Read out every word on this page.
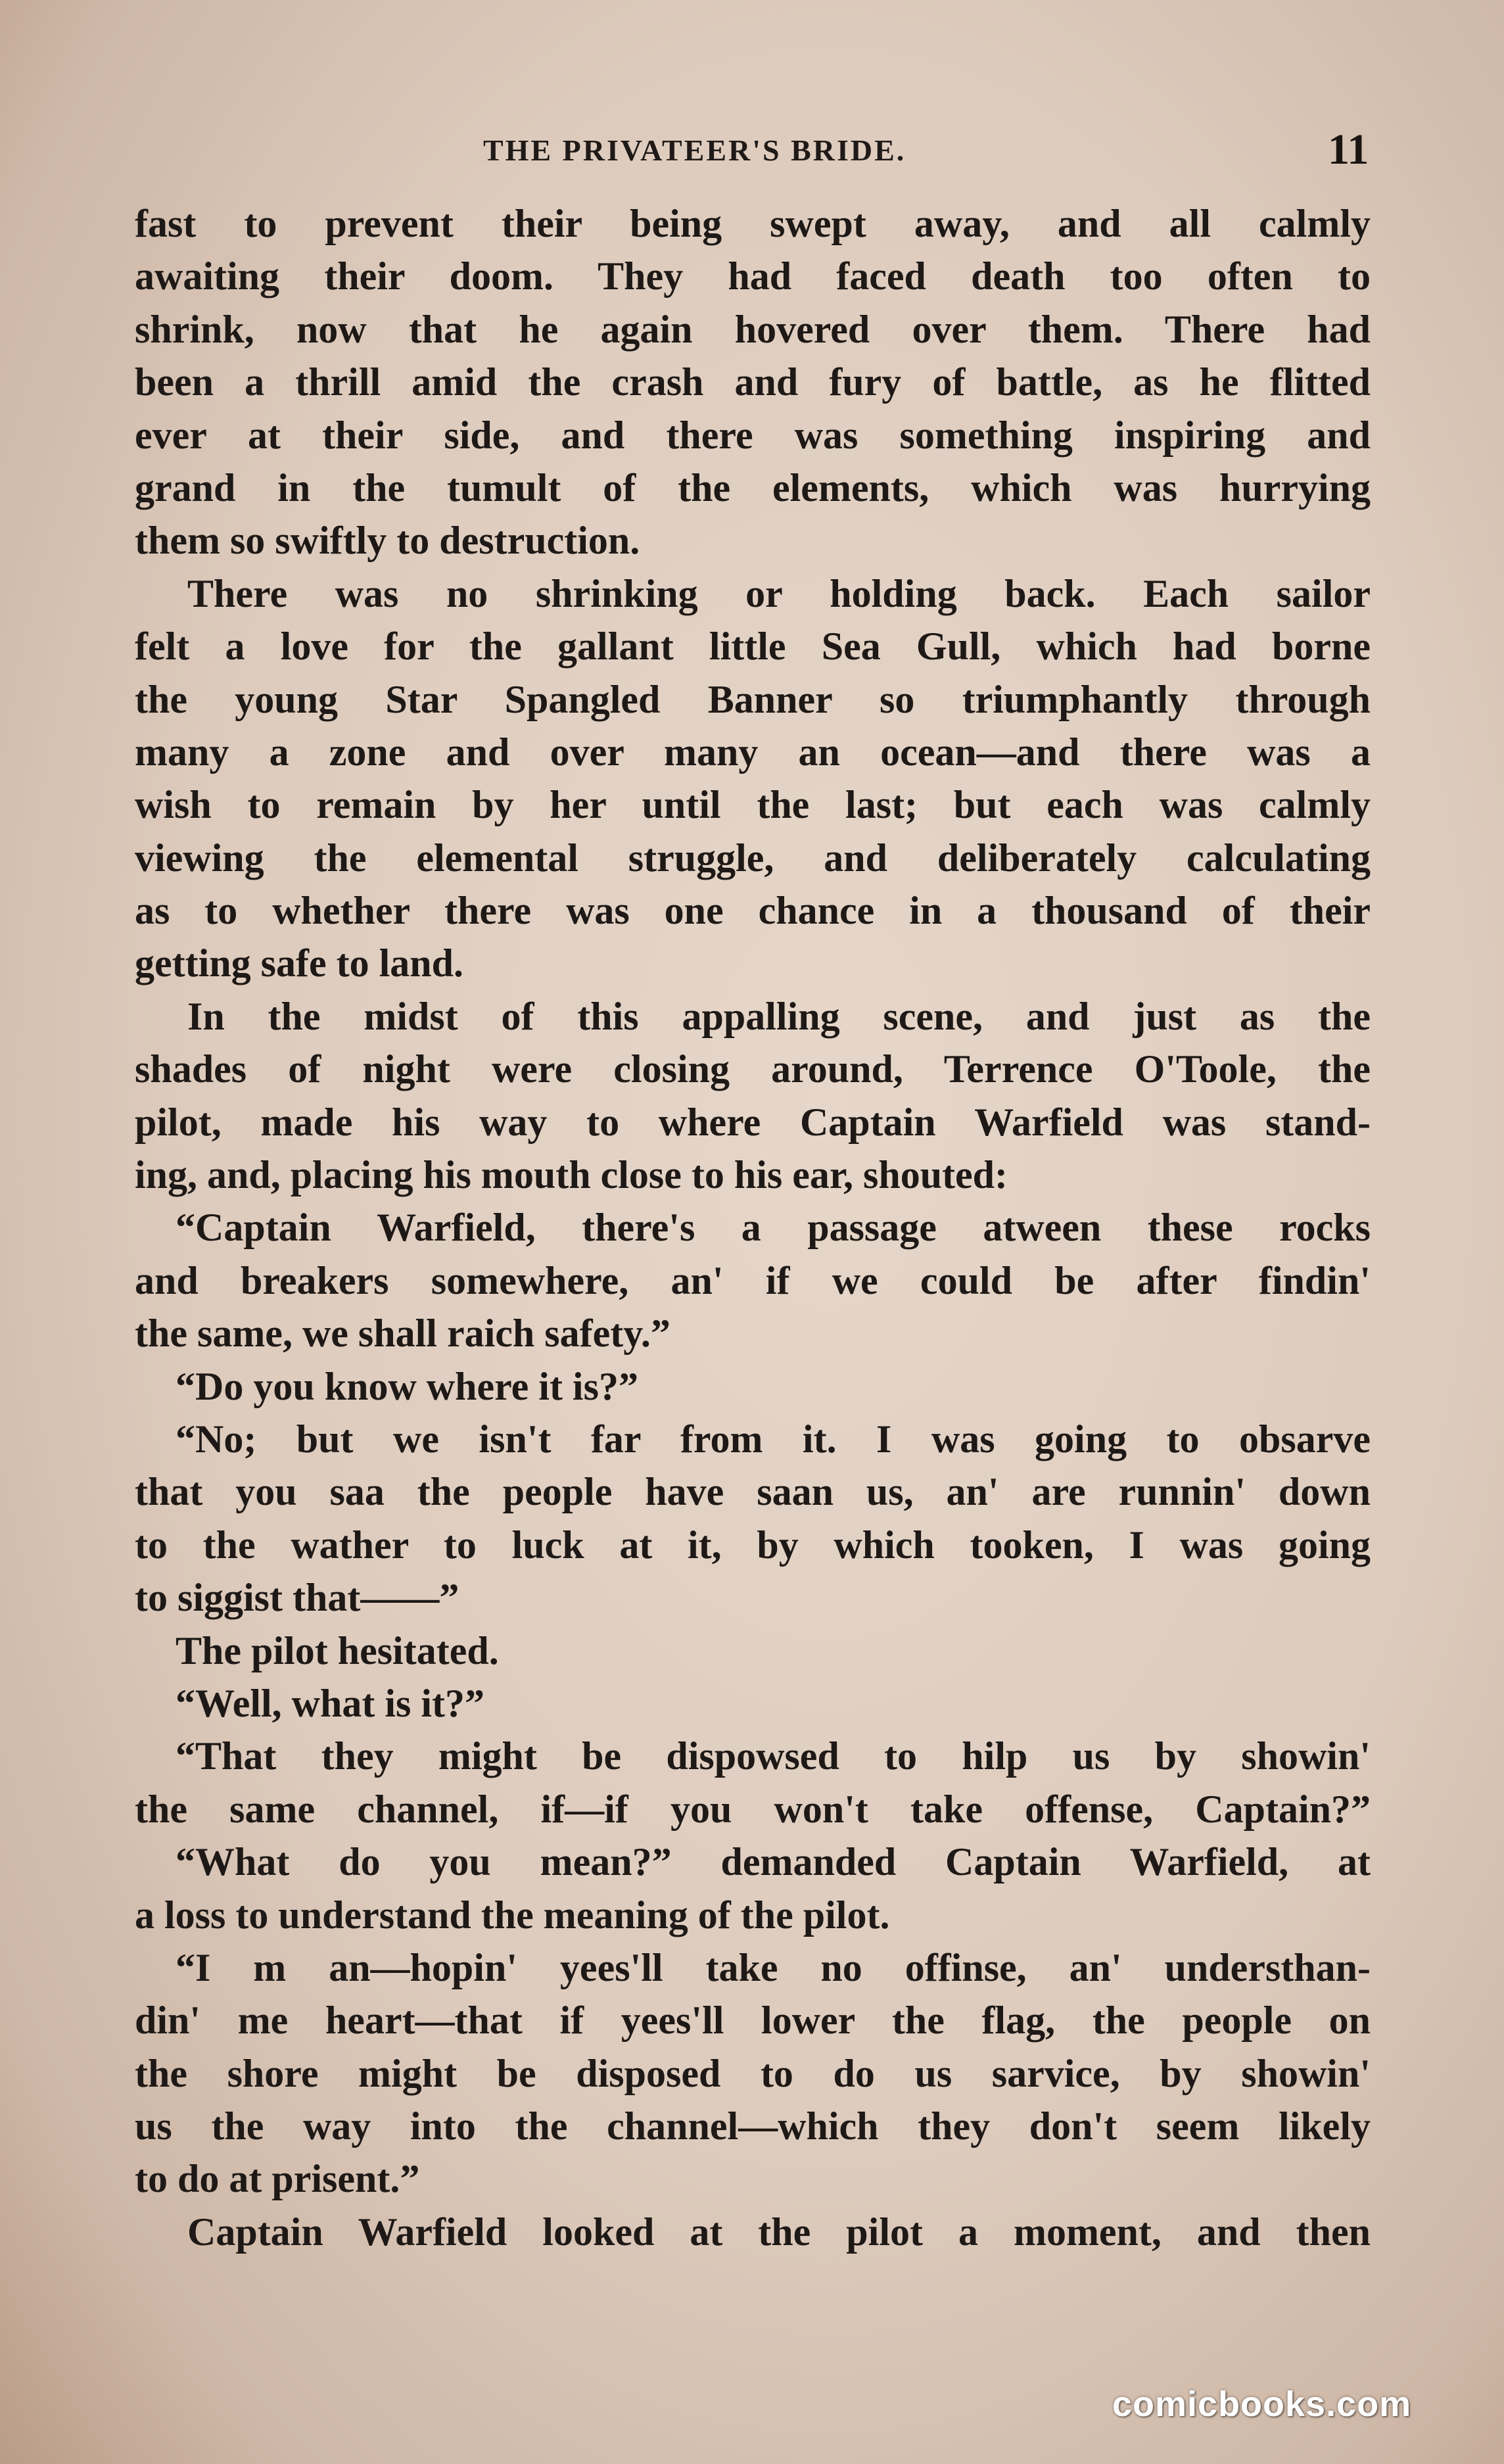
THE PRIVATEER'S BRIDE.	11
fast to prevent their being swept away, and all calmly
awaiting their doom. They had faced death too often to
shrink, now that he again hovered over them. There had
been a thrill amid the crash and fury of battle, as he flitted
ever at their side, and there was something inspiring and
grand in the tumult of the elements, which was hurrying
them so swiftly to destruction.
There was no shrinking or holding back. Each sailor
felt a love for the gallant little Sea Gull, which had borne
the young Star Spangled Banner so triumphantly through
many a zone and over many an ocean—and there was a
wish to remain by her until the last; but each was calmly
viewing the elemental struggle, and deliberately calculating
as to whether there was one chance in a thousand of their
getting safe to land.
In the midst of this appalling scene, and just as the
shades of night were closing around, Terrence O'Toole, the
pilot, made his way to where Captain Warfield was stand-
ing, and, placing his mouth close to his ear, shouted:
“Captain Warfield, there's a passage atween these rocks
and breakers somewhere, an' if we could be after findin'
the same, we shall raich safety.”
“Do you know where it is?”
“No; but we isn't far from it. I was going to obsarve
that you saa the people have saan us, an' are runnin' down
to the wather to luck at it, by which tooken, I was going
to siggist that——”
The pilot hesitated.
“Well, what is it?”
“That they might be dispowsed to hilp us by showin'
the same channel, if—if you won't take offense, Captain?”
“What do you mean?” demanded Captain Warfield, at
a loss to understand the meaning of the pilot.
“I m an—hopin' yees'll take no offinse, an' understhan-
din' me heart—that if yees'll lower the flag, the people on
the shore might be disposed to do us sarvice, by showin'
us the way into the channel—which they don't seem likely
to do at prisent.”
Captain Warfield looked at the pilot a moment, and then
comicbooks.com
